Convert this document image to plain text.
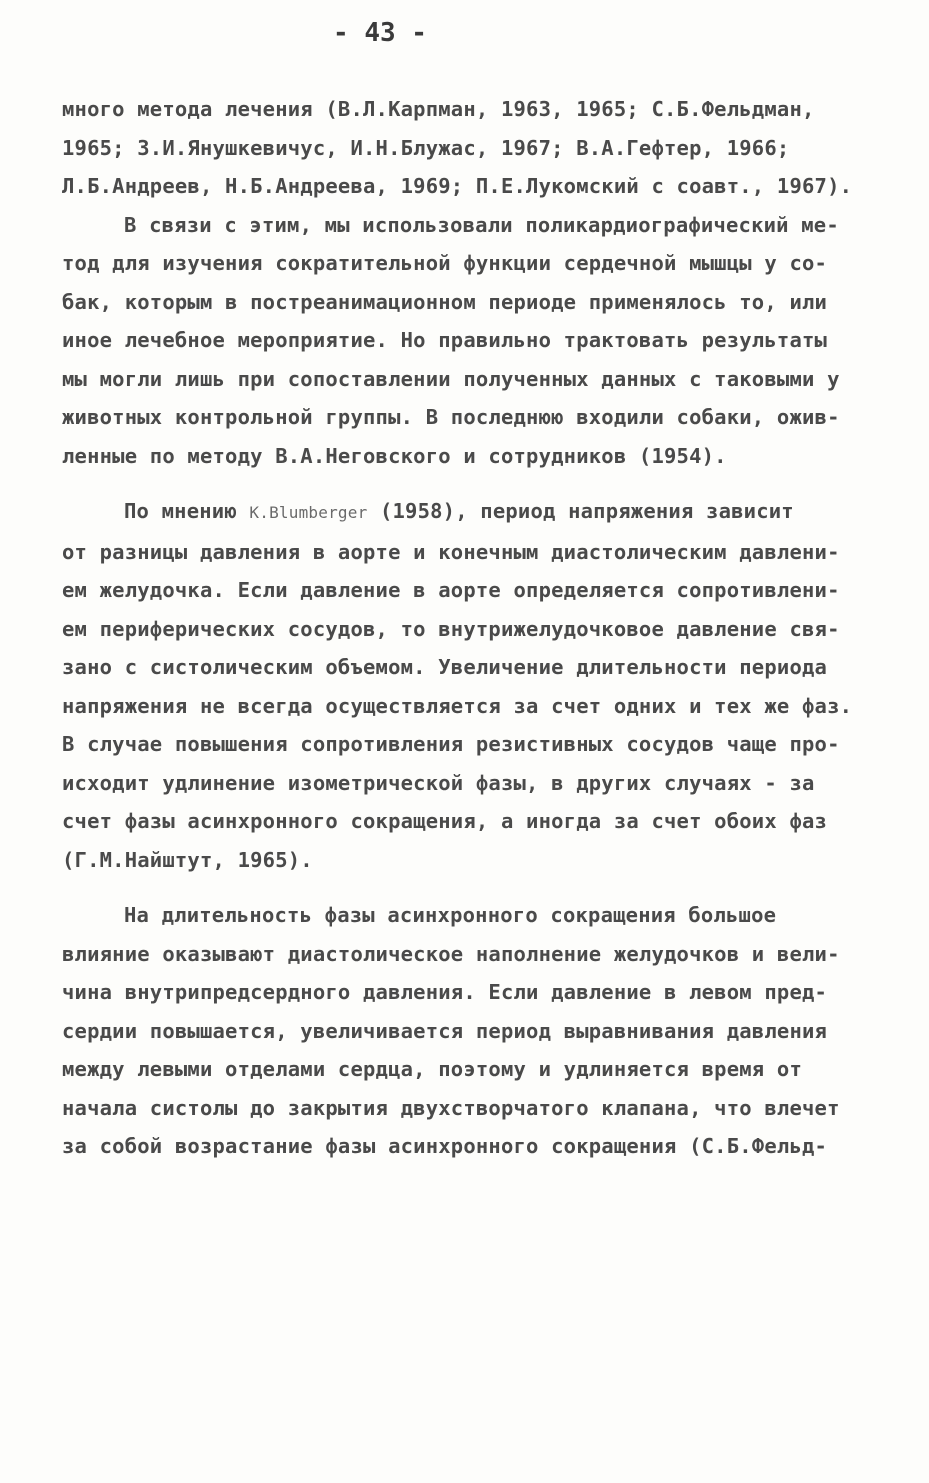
- 43 -
много метода лечения (В.Л.Карпман, 1963, 1965; С.Б.Фельдман,
1965; З.И.Янушкевичус, И.Н.Блужас, 1967; В.А.Гефтер, 1966;
Л.Б.Андреев, Н.Б.Андреева, 1969; П.Е.Лукомский с соавт., 1967).
В связи с этим, мы использовали поликардиографический ме-
тод для изучения сократительной функции сердечной мышцы у со-
бак, которым в постреанимационном периоде применялось то, или
иное лечебное мероприятие. Но правильно трактовать результаты
мы могли лишь при сопоставлении полученных данных с таковыми у
животных контрольной группы. В последнюю входили собаки, ожив-
ленные по методу В.А.Неговского и сотрудников (1954).
По мнению K.Blumberger (1958), период напряжения зависит
от разницы давления в аорте и конечным диастолическим давлени-
ем желудочка. Если давление в аорте определяется сопротивлени-
ем периферических сосудов, то внутрижелудочковое давление свя-
зано с систолическим объемом. Увеличение длительности периода
напряжения не всегда осуществляется за счет одних и тех же фаз.
В случае повышения сопротивления резистивных сосудов чаще про-
исходит удлинение изометрической фазы, в других случаях - за
счет фазы асинхронного сокращения, а иногда за счет обоих фаз
(Г.М.Найштут, 1965).
На длительность фазы асинхронного сокращения большое
влияние оказывают диастолическое наполнение желудочков и вели-
чина внутрипредсердного давления. Если давление в левом пред-
сердии повышается, увеличивается период выравнивания давления
между левыми отделами сердца, поэтому и удлиняется время от
начала систолы до закрытия двухстворчатого клапана, что влечет
за собой возрастание фазы асинхронного сокращения (С.Б.Фельд-
